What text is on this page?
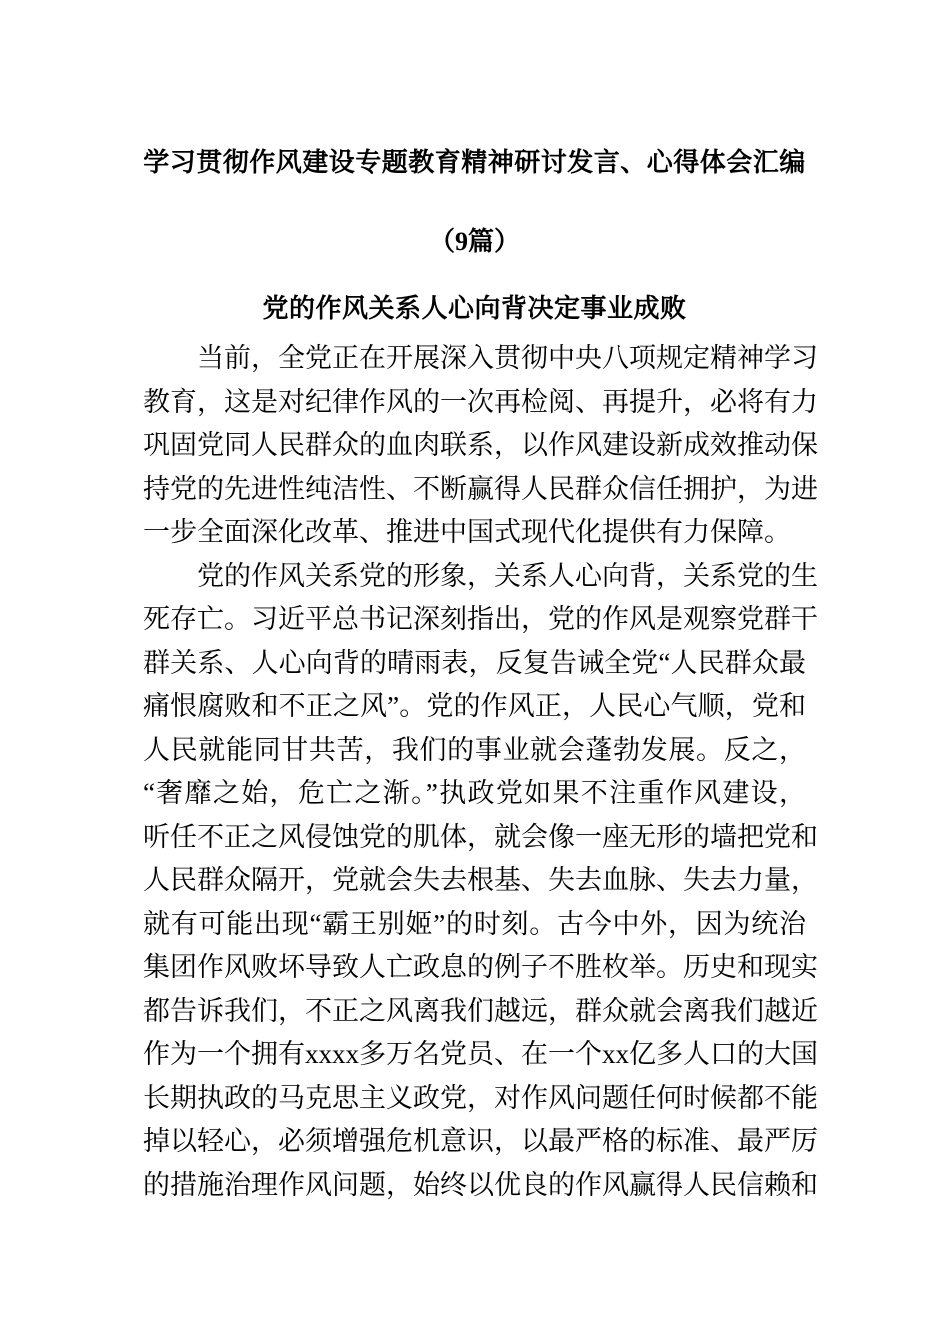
学习贯彻作风建设专题教育精神研讨发言、心得体会汇编
（9篇）
党的作风关系人心向背决定事业成败
当前，全党正在开展深入贯彻中央八项规定精神学习
教育，这是对纪律作风的一次再检阅、再提升，必将有力
巩固党同人民群众的血肉联系，以作风建设新成效推动保
持党的先进性纯洁性、不断赢得人民群众信任拥护，为进
一步全面深化改革、推进中国式现代化提供有力保障。
党的作风关系党的形象，关系人心向背，关系党的生
死存亡。习近平总书记深刻指出，党的作风是观察党群干
群关系、人心向背的晴雨表，反复告诫全党“人民群众最
痛恨腐败和不正之风”。党的作风正，人民心气顺，党和
人民就能同甘共苦，我们的事业就会蓬勃发展。反之，
“奢靡之始，危亡之渐。”执政党如果不注重作风建设，
听任不正之风侵蚀党的肌体，就会像一座无形的墙把党和
人民群众隔开，党就会失去根基、失去血脉、失去力量，
就有可能出现“霸王别姬”的时刻。古今中外，因为统治
集团作风败坏导致人亡政息的例子不胜枚举。历史和现实
都告诉我们，不正之风离我们越远，群众就会离我们越近
作为一个拥有xxxx多万名党员、在一个xx亿多人口的大国
长期执政的马克思主义政党，对作风问题任何时候都不能
掉以轻心，必须增强危机意识，以最严格的标准、最严厉
的措施治理作风问题，始终以优良的作风赢得人民信赖和
